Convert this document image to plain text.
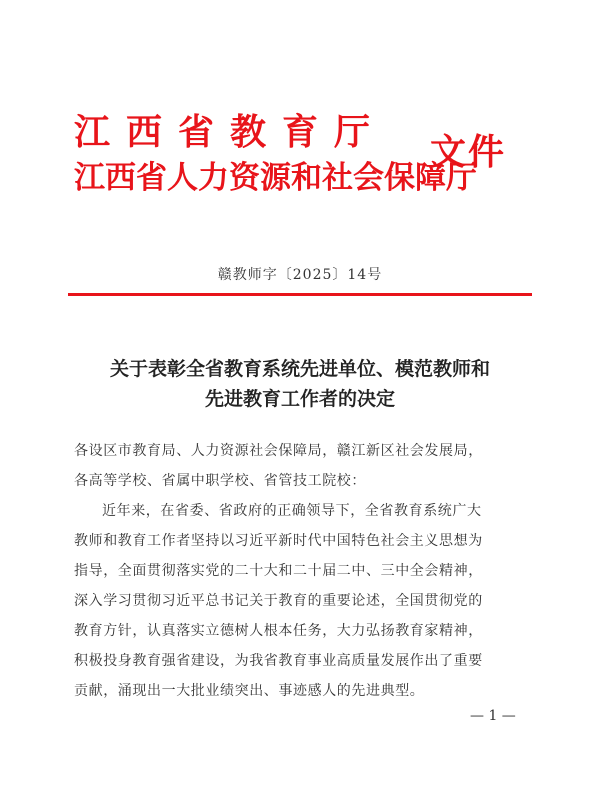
江西省教育厅
江西省人力资源和社会保障厅
文件
赣教师字〔2025〕14号
关于表彰全省教育系统先进单位、模范教师和
先进教育工作者的决定

各设区市教育局、人力资源社会保障局，赣江新区社会发展局，

各高等学校、省属中职学校、省管技工院校：

近年来，在省委、省政府的正确领导下，全省教育系统广大

教师和教育工作者坚持以习近平新时代中国特色社会主义思想为

指导，全面贯彻落实党的二十大和二十届二中、三中全会精神，

深入学习贯彻习近平总书记关于教育的重要论述，全国贯彻党的

教育方针，认真落实立德树人根本任务，大力弘扬教育家精神，

积极投身教育强省建设，为我省教育事业高质量发展作出了重要

贡献，涌现出一大批业绩突出、事迹感人的先进典型。

— 1 —
